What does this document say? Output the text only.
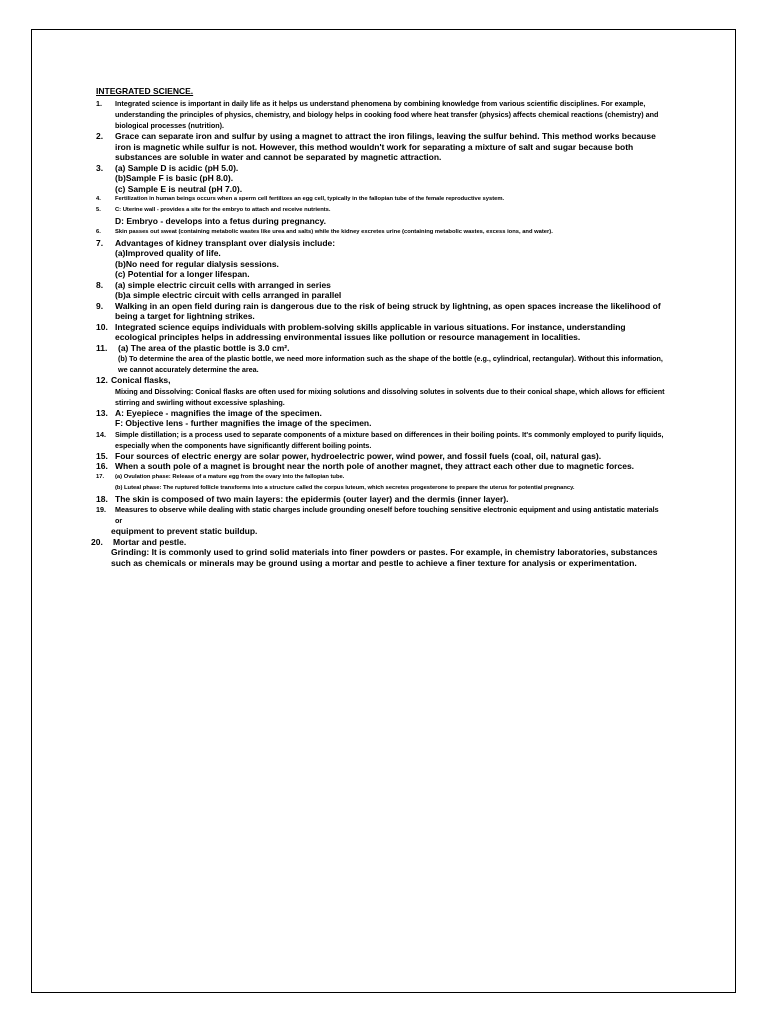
INTEGRATED SCIENCE.
1.	Integrated science is important in daily life as it helps us understand phenomena by combining knowledge from various scientific disciplines. For example, understanding the principles of physics, chemistry, and biology helps in cooking food where heat transfer (physics) affects chemical reactions (chemistry) and biological processes (nutrition).
2.	Grace can separate iron and sulfur by using a magnet to attract the iron filings, leaving the sulfur behind. This method works because iron is magnetic while sulfur is not. However, this method wouldn't work for separating a mixture of salt and sugar because both substances are soluble in water and cannot be separated by magnetic attraction.
3.	(a) Sample D is acidic (pH 5.0).
(b) Sample F is basic (pH 8.0).
(c) Sample E is neutral (pH 7.0).
4.	Fertilization in human beings occurs when a sperm cell fertilizes an egg cell, typically in the fallopian tube of the female reproductive system.
5.	C: Uterine wall - provides a site for the embryo to attach and receive nutrients.
D: Embryo - develops into a fetus during pregnancy.
6.	Skin passes out sweat (containing metabolic wastes like urea and salts) while the kidney excretes urine (containing metabolic wastes, excess ions, and water).
7.	Advantages of kidney transplant over dialysis include:
(a) Improved quality of life.
(b) No need for regular dialysis sessions.
(c) Potential for a longer lifespan.
8.	(a) simple electric circuit cells with arranged in series
(b) a simple electric circuit with cells arranged in parallel
9.	Walking in an open field during rain is dangerous due to the risk of being struck by lightning, as open spaces increase the likelihood of being a target for lightning strikes.
10. Integrated science equips individuals with problem-solving skills applicable in various situations. For instance, understanding ecological principles helps in addressing environmental issues like pollution or resource management in localities.
11.	(a) The area of the plastic bottle is 3.0 cm².
(b) To determine the area of the plastic bottle, we need more information such as the shape of the bottle (e.g., cylindrical, rectangular). Without this information, we cannot accurately determine the area.
12. Conical flasks,
Mixing and Dissolving: Conical flasks are often used for mixing solutions and dissolving solutes in solvents due to their conical shape, which allows for efficient stirring and swirling without excessive splashing.
13. A: Eyepiece - magnifies the image of the specimen.
F: Objective lens - further magnifies the image of the specimen.
14.	Simple distillation; is a process used to separate components of a mixture based on differences in their boiling points. It's commonly employed to purify liquids, especially when the components have significantly different boiling points.
15. Four sources of electric energy are solar power, hydroelectric power, wind power, and fossil fuels (coal, oil, natural gas).
16. When a south pole of a magnet is brought near the north pole of another magnet, they attract each other due to magnetic forces.
17.	(a) Ovulation phase: Release of a mature egg from the ovary into the fallopian tube.
(b) Luteal phase: The ruptured follicle transforms into a structure called the corpus luteum, which secretes progesterone to prepare the uterus for potential pregnancy.
18. The skin is composed of two main layers: the epidermis (outer layer) and the dermis (inner layer).
19.	Measures to observe while dealing with static charges include grounding oneself before touching sensitive electronic equipment and using antistatic materials or
equipment to prevent static buildup.
20.	Mortar and pestle.
Grinding: It is commonly used to grind solid materials into finer powders or pastes. For example, in chemistry laboratories, substances such as chemicals or minerals may be ground using a mortar and pestle to achieve a finer texture for analysis or experimentation.
